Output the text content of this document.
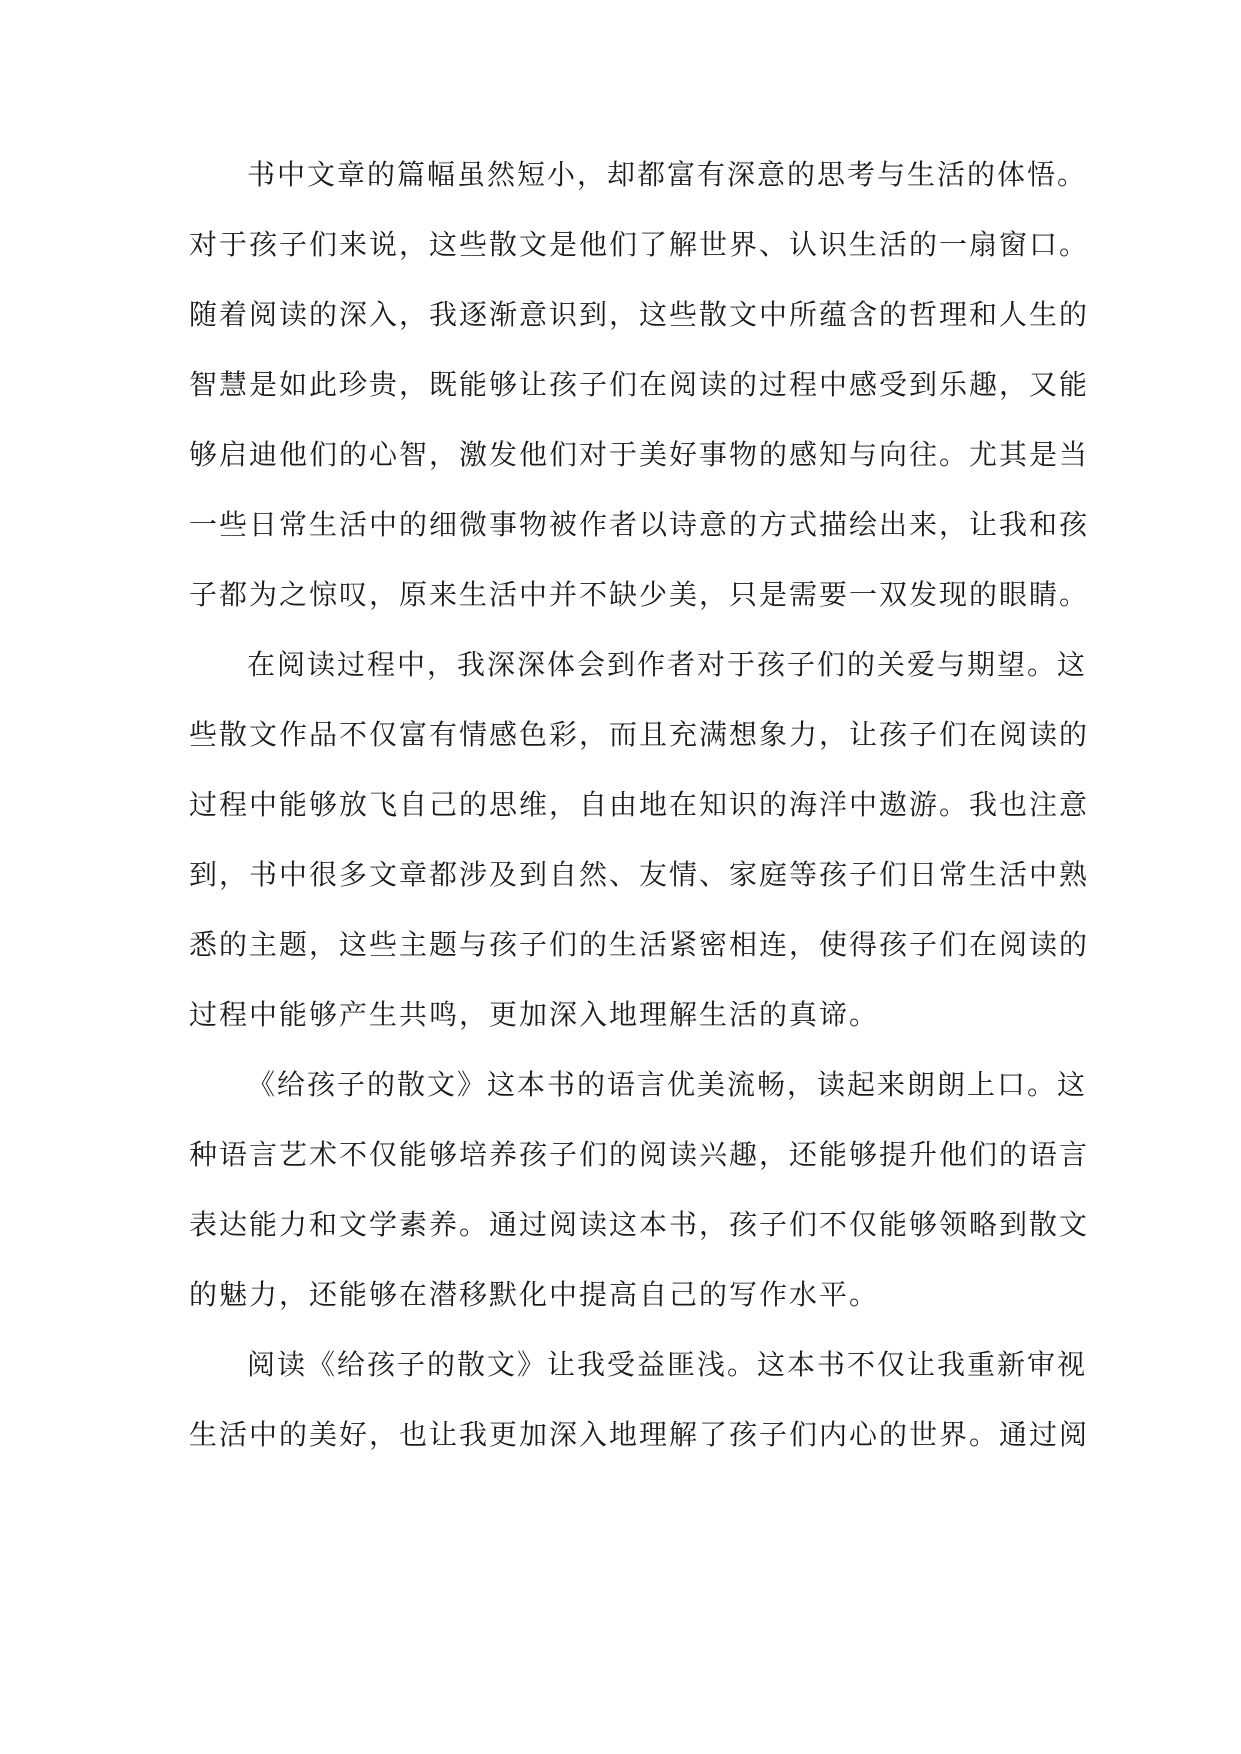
书中文章的篇幅虽然短小，却都富有深意的思考与生活的体悟。
对于孩子们来说，这些散文是他们了解世界、认识生活的一扇窗口。
随着阅读的深入，我逐渐意识到，这些散文中所蕴含的哲理和人生的
智慧是如此珍贵，既能够让孩子们在阅读的过程中感受到乐趣，又能
够启迪他们的心智，激发他们对于美好事物的感知与向往。尤其是当
一些日常生活中的细微事物被作者以诗意的方式描绘出来，让我和孩
子都为之惊叹，原来生活中并不缺少美，只是需要一双发现的眼睛。
在阅读过程中，我深深体会到作者对于孩子们的关爱与期望。这
些散文作品不仅富有情感色彩，而且充满想象力，让孩子们在阅读的
过程中能够放飞自己的思维，自由地在知识的海洋中遨游。我也注意
到，书中很多文章都涉及到自然、友情、家庭等孩子们日常生活中熟
悉的主题，这些主题与孩子们的生活紧密相连，使得孩子们在阅读的
过程中能够产生共鸣，更加深入地理解生活的真谛。
《给孩子的散文》这本书的语言优美流畅，读起来朗朗上口。这
种语言艺术不仅能够培养孩子们的阅读兴趣，还能够提升他们的语言
表达能力和文学素养。通过阅读这本书，孩子们不仅能够领略到散文
的魅力，还能够在潜移默化中提高自己的写作水平。
阅读《给孩子的散文》让我受益匪浅。这本书不仅让我重新审视
生活中的美好，也让我更加深入地理解了孩子们内心的世界。通过阅
